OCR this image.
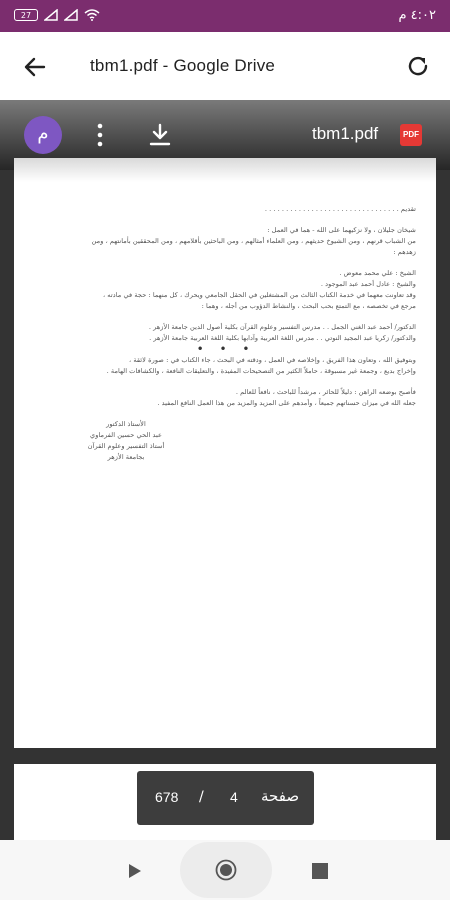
27	٤:٠٢ م
tbm1.pdf - Google Drive
م	tbm1.pdf	PDF
تقديم . . . . . . . . . . . . . . . . . . . . . . . . . . . . . . . .
شيخان جليلان ، ولا نزكيهما على الله - هما في العمل :
من الشباب قرنهم ، ومن الشيوخ حديثهم ، ومن العلماء أمثالهم ، ومن الباحثين بأقلامهم ، ومن المحققين بأمانتهم ، ومن
زهدهم :
الشيخ : علي محمد معوض .
والشيخ : عادل أحمد عبد الموجود .
وقد تعاونت معهما في خدمة الكتاب الثالث من المشتغلين في الحقل الجامعي ويحرك ، كل منهما : حجة في مادته ،
مرجع في تخصصه ، مع التمتع بحب البحث ، والنشاط الدؤوب من أجله ، وهما :
الدكتور/ أحمد عبد الغني الجمل . . مدرس التفسير وعلوم القرآن بكلية أصول الدين جامعة الأزهر .
والدكتور/ زكريا عبد المجيد النوتي . . مدرس اللغة العربية وآدابها بكلية اللغة العربية جامعة الأزهر .
• • •
وبتوفيق الله ، وتعاون هذا الفريق ، وإخلاصه في العمل ، ودقته في البحث ، جاء الكتاب في : صورة لائقة ،
وإخراج بديع ، وجمعة غير مسبوقة ، حاملاً الكثير من التصحيحات المفيدة ، والتعليقات النافعة ، والكشافات الهامة .
فأصبح بوضعه الراهن : دليلاً للحائر ، مرشداً للباحث ، نافعاً للعالم .
جعله الله في ميزان حسناتهم جميعاً ، وأمدهم على المزيد والمزيد من هذا العمل النافع المفيد .
الأستاذ الدكتور
عبد الحي حسين الفرماوي
أستاذ التفسير وعلوم القرآن
بجامعة الأزهر
678 / 4 صفحة
